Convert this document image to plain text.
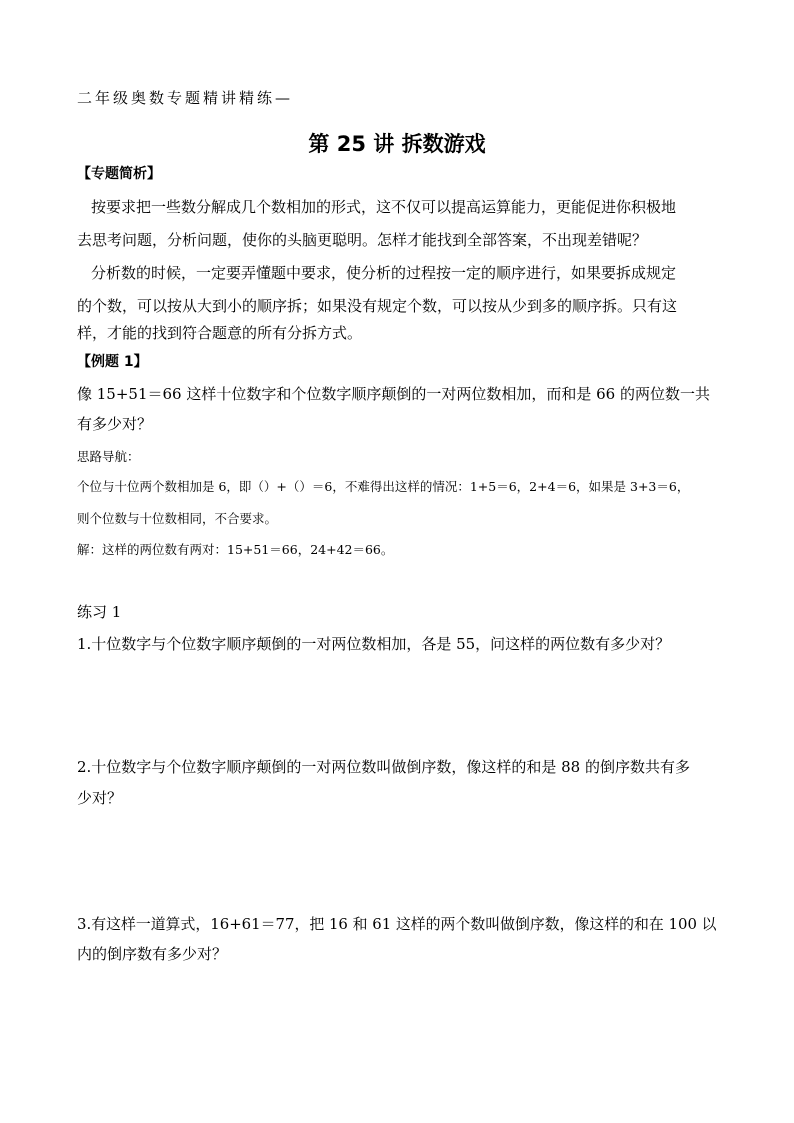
二年级奥数专题精讲精练—
第 25 讲 拆数游戏
【专题简析】
按要求把一些数分解成几个数相加的形式，这不仅可以提高运算能力，更能促进你积极地
去思考问题，分析问题，使你的头脑更聪明。怎样才能找到全部答案，不出现差错呢？
分析数的时候，一定要弄懂题中要求，使分析的过程按一定的顺序进行，如果要拆成规定
的个数，可以按从大到小的顺序拆；如果没有规定个数，可以按从少到多的顺序拆。只有这
样，才能的找到符合题意的所有分拆方式。
【例题 1】
像 15+51＝66 这样十位数字和个位数字顺序颠倒的一对两位数相加，而和是 66 的两位数一共
有多少对？
思路导航：
个位与十位两个数相加是 6，即（）+（）＝6，不难得出这样的情况：1+5＝6，2+4＝6，如果是 3+3＝6，
则个位数与十位数相同，不合要求。
解：这样的两位数有两对：15+51＝66，24+42＝66。
练习 1
1.十位数字与个位数字顺序颠倒的一对两位数相加，各是 55，问这样的两位数有多少对？
2.十位数字与个位数字顺序颠倒的一对两位数叫做倒序数，像这样的和是 88 的倒序数共有多
少对？
3.有这样一道算式，16+61＝77，把 16 和 61 这样的两个数叫做倒序数，像这样的和在 100 以
内的倒序数有多少对？
